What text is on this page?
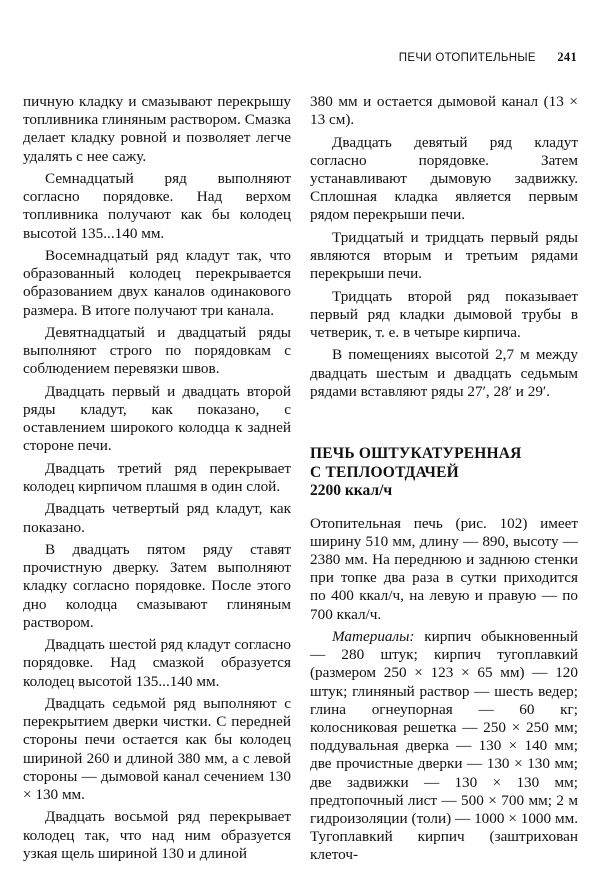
ПЕЧИ ОТОПИТЕЛЬНЫЕ 241

пичную кладку и смазывают перекрышу топливника глиняным раствором. Смазка делает кладку ровной и позволяет легче удалять с нее сажу.

Семнадцатый ряд выполняют согласно порядовке. Над верхом топливника получают как бы колодец высотой 135...140 мм.

Восемнадцатый ряд кладут так, что образованный колодец перекрывается образованием двух каналов одинакового размера. В итоге получают три канала.

Девятнадцатый и двадцатый ряды выполняют строго по порядовкам с соблюдением перевязки швов.

Двадцать первый и двадцать второй ряды кладут, как показано, с оставлением широкого колодца к задней стороне печи.

Двадцать третий ряд перекрывает колодец кирпичом плашмя в один слой.

Двадцать четвертый ряд кладут, как показано.

В двадцать пятом ряду ставят прочистную дверку. Затем выполняют кладку согласно порядовке. После этого дно колодца смазывают глиняным раствором.

Двадцать шестой ряд кладут согласно порядовке. Над смазкой образуется колодец высотой 135...140 мм.

Двадцать седьмой ряд выполняют с перекрытием дверки чистки. С передней стороны печи остается как бы колодец шириной 260 и длиной 380 мм, а с левой стороны — дымовой канал сечением 130 × 130 мм.

Двадцать восьмой ряд перекрывает колодец так, что над ним образуется узкая щель шириной 130 и длиной

380 мм и остается дымовой канал (13 × 13 см).

Двадцать девятый ряд кладут согласно порядовке. Затем устанавливают дымовую задвижку. Сплошная кладка является первым рядом перекрыши печи.

Тридцатый и тридцать первый ряды являются вторым и третьим рядами перекрыши печи.

Тридцать второй ряд показывает первый ряд кладки дымовой трубы в четверик, т. е. в четыре кирпича.

В помещениях высотой 2,7 м между двадцать шестым и двадцать седьмым рядами вставляют ряды 27′, 28′ и 29′.

ПЕЧЬ ОШТУКАТУРЕННАЯ
С ТЕПЛООТДАЧЕЙ
2200 ккал/ч

Отопительная печь (рис. 102) имеет ширину 510 мм, длину — 890, высоту — 2380 мм. На переднюю и заднюю стенки при топке два раза в сутки приходится по 400 ккал/ч, на левую и правую — по 700 ккал/ч.

Материалы: кирпич обыкновенный — 280 штук; кирпич тугоплавкий (размером 250 × 123 × 65 мм) — 120 штук; глиняный раствор — шесть ведер; глина огнеупорная — 60 кг; колосниковая решетка — 250 × 250 мм; поддувальная дверка — 130 × 140 мм; две прочистные дверки — 130 × 130 мм; две задвижки — 130 × 130 мм; предтопочный лист — 500 × 700 мм; 2 м гидроизоляции (толи) — 1000 × 1000 мм. Тугоплавкий кирпич (заштрихован клеточ-
